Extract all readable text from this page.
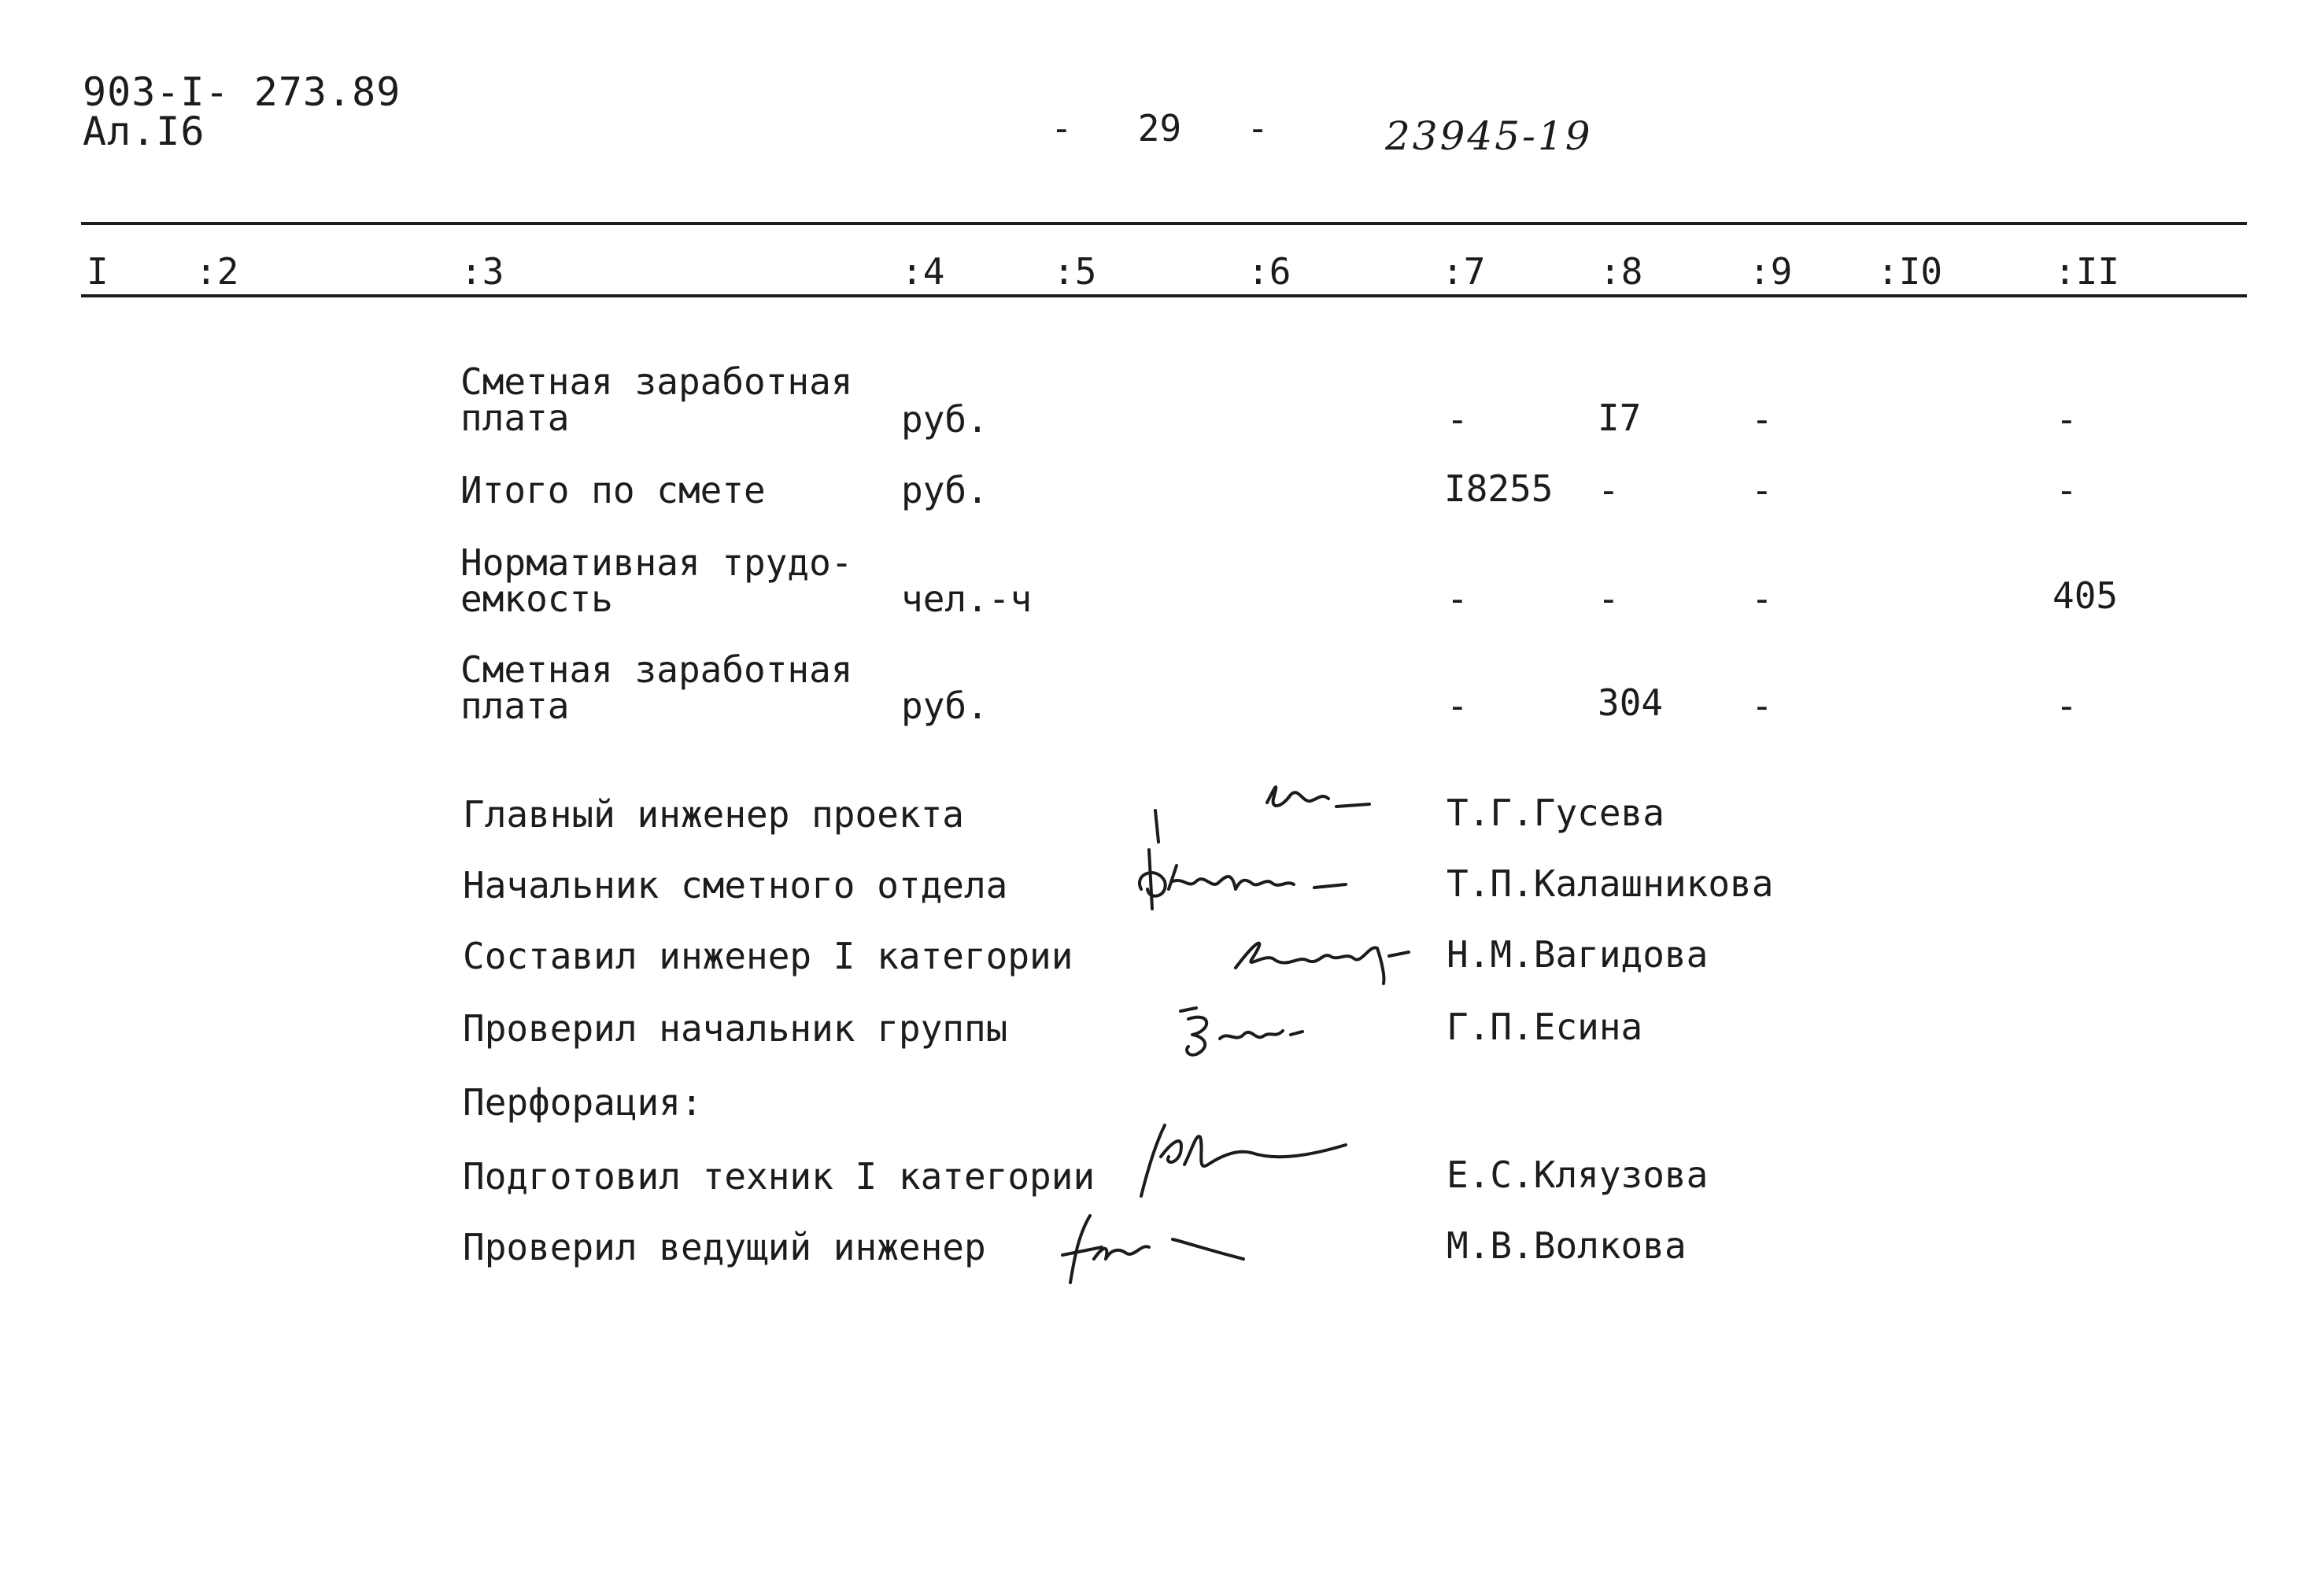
903-I- 273.89
Ал.I6	-   29   -	23945-19
I :2	:3	:4	:5	:6	:7	:8	:9 :I0	:II
Сметная заработная
плата	руб.	-	I7	-	-
Итого по смете	руб.	I8255 -	-	-
Нормативная трудо-
емкость	чел.-ч	-	-	-	405
Сметная заработная
плата	руб.	-	304 -	-
Главный инженер проекта	Т.Г.Гусева
Начальник сметного отдела	Т.П.Калашникова
Составил инженер I категории	Н.М.Вагидова
Проверил начальник группы	Г.П.Есина
Перфорация:
Подготовил техник I категории	Е.С.Кляузова
Проверил ведущий инженер	М.В.Волкова
